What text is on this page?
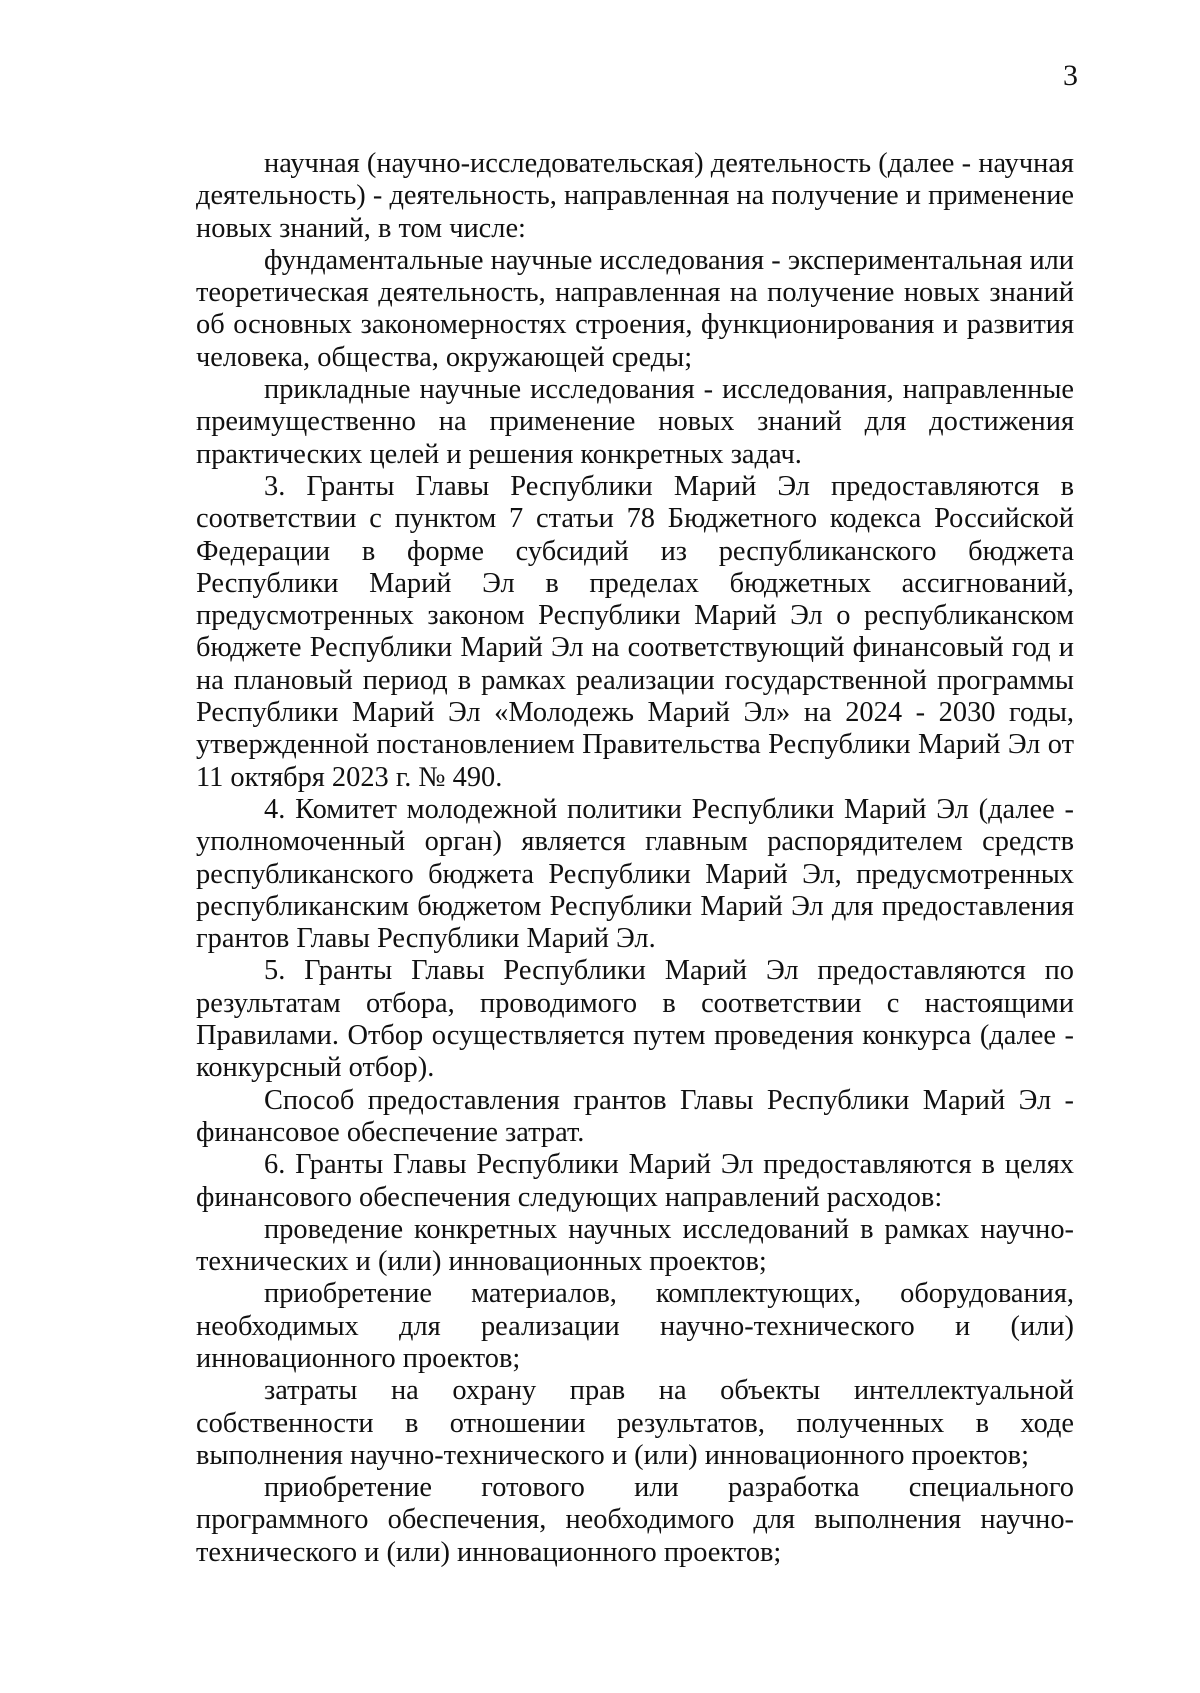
3

научная (научно-исследовательская) деятельность (далее - научная деятельность) - деятельность, направленная на получение и применение новых знаний, в том числе:

фундаментальные научные исследования - экспериментальная или теоретическая деятельность, направленная на получение новых знаний об основных закономерностях строения, функционирования и развития человека, общества, окружающей среды;

прикладные научные исследования - исследования, направленные преимущественно на применение новых знаний для достижения практических целей и решения конкретных задач.

3. Гранты Главы Республики Марий Эл предоставляются в соответствии с пунктом 7 статьи 78 Бюджетного кодекса Российской Федерации в форме субсидий из республиканского бюджета Республики Марий Эл в пределах бюджетных ассигнований, предусмотренных законом Республики Марий Эл о республиканском бюджете Республики Марий Эл на соответствующий финансовый год и на плановый период в рамках реализации государственной программы Республики Марий Эл «Молодежь Марий Эл» на 2024 - 2030 годы, утвержденной постановлением Правительства Республики Марий Эл от 11 октября 2023 г. № 490.

4. Комитет молодежной политики Республики Марий Эл (далее - уполномоченный орган) является главным распорядителем средств республиканского бюджета Республики Марий Эл, предусмотренных республиканским бюджетом Республики Марий Эл для предоставления грантов Главы Республики Марий Эл.

5. Гранты Главы Республики Марий Эл предоставляются по результатам отбора, проводимого в соответствии с настоящими Правилами. Отбор осуществляется путем проведения конкурса (далее - конкурсный отбор).

Способ предоставления грантов Главы Республики Марий Эл - финансовое обеспечение затрат.

6. Гранты Главы Республики Марий Эл предоставляются в целях финансового обеспечения следующих направлений расходов:

проведение конкретных научных исследований в рамках научно-технических и (или) инновационных проектов;

приобретение материалов, комплектующих, оборудования, необходимых для реализации научно-технического и (или) инновационного проектов;

затраты на охрану прав на объекты интеллектуальной собственности в отношении результатов, полученных в ходе выполнения научно-технического и (или) инновационного проектов;

приобретение готового или разработка специального программного обеспечения, необходимого для выполнения научно-технического и (или) инновационного проектов;
